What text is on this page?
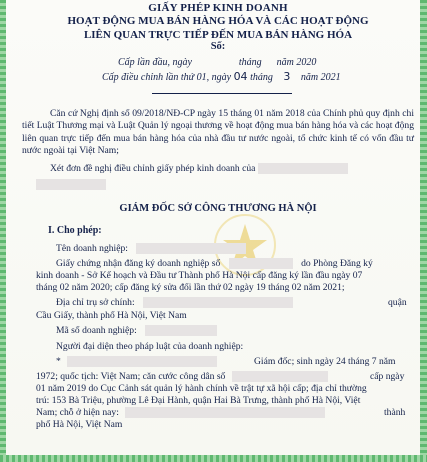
GIẤY PHÉP KINH DOANH
HOẠT ĐỘNG MUA BÁN HÀNG HÓA VÀ CÁC HOẠT ĐỘNG
LIÊN QUAN TRỰC TIẾP ĐẾN MUA BÁN HÀNG HÓA
Số:
Cấp lần đầu, ngày	tháng năm 2020
Cấp điều chỉnh lần thứ 01, ngày 04 tháng 3 năm 2021
Căn cứ Nghị định số 09/2018/NĐ-CP ngày 15 tháng 01 năm 2018 của Chính phủ quy định chi tiết Luật Thương mại và Luật Quản lý ngoại thương về hoạt động mua bán hàng hóa và các hoạt động liên quan trực tiếp đến mua bán hàng hóa của nhà đầu tư nước ngoài, tổ chức kinh tế có vốn đầu tư nước ngoài tại Việt Nam;
Xét đơn đề nghị điều chỉnh giấy phép kinh doanh của
GIÁM ĐỐC SỞ CÔNG THƯƠNG HÀ NỘI
I. Cho phép:
Tên doanh nghiệp:
Giấy chứng nhận đăng ký doanh nghiệp số	do Phòng Đăng ký
kinh doanh - Sở Kế hoạch và Đầu tư Thành phố Hà Nội cấp đăng ký lần đầu ngày 07
tháng 02 năm 2020; cấp đăng ký sửa đổi lần thứ 02 ngày 19 tháng 02 năm 2021;
Địa chỉ trụ sở chính:	quận
Cầu Giấy, thành phố Hà Nội, Việt Nam
Mã số doanh nghiệp:
Người đại diện theo pháp luật của doanh nghiệp:
*	Giám đốc; sinh ngày 24 tháng 7 năm
1972; quốc tịch: Việt Nam; căn cước công dân số	cấp ngày
01 năm 2019 do Cục Cảnh sát quản lý hành chính về trật tự xã hội cấp; địa chỉ thường
trú: 153 Bà Triệu, phường Lê Đại Hành, quận Hai Bà Trưng, thành phố Hà Nội, Việt
Nam; chỗ ở hiện nay:	thành
phố Hà Nội, Việt Nam
